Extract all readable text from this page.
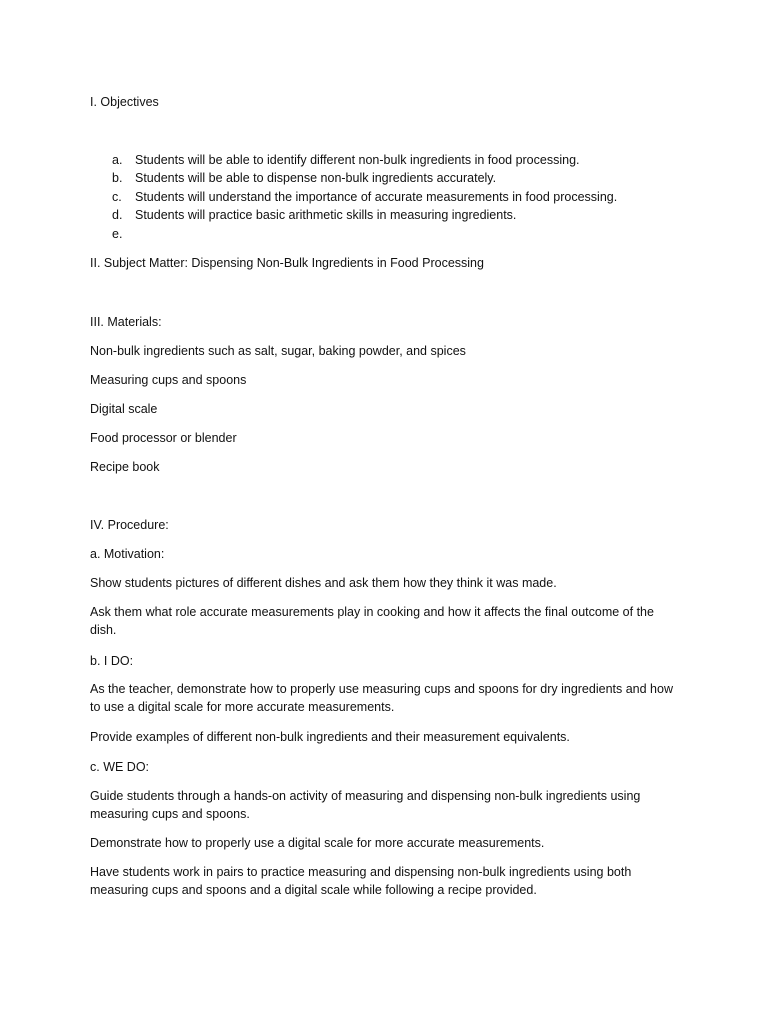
I. Objectives
a. Students will be able to identify different non-bulk ingredients in food processing.
b. Students will be able to dispense non-bulk ingredients accurately.
c. Students will understand the importance of accurate measurements in food processing.
d. Students will practice basic arithmetic skills in measuring ingredients.
e.
II. Subject Matter: Dispensing Non-Bulk Ingredients in Food Processing
III. Materials:
Non-bulk ingredients such as salt, sugar, baking powder, and spices
Measuring cups and spoons
Digital scale
Food processor or blender
Recipe book
IV. Procedure:
a. Motivation:
Show students pictures of different dishes and ask them how they think it was made.
Ask them what role accurate measurements play in cooking and how it affects the final outcome of the dish.
b. I DO:
As the teacher, demonstrate how to properly use measuring cups and spoons for dry ingredients and how to use a digital scale for more accurate measurements.
Provide examples of different non-bulk ingredients and their measurement equivalents.
c. WE DO:
Guide students through a hands-on activity of measuring and dispensing non-bulk ingredients using measuring cups and spoons.
Demonstrate how to properly use a digital scale for more accurate measurements.
Have students work in pairs to practice measuring and dispensing non-bulk ingredients using both measuring cups and spoons and a digital scale while following a recipe provided.
